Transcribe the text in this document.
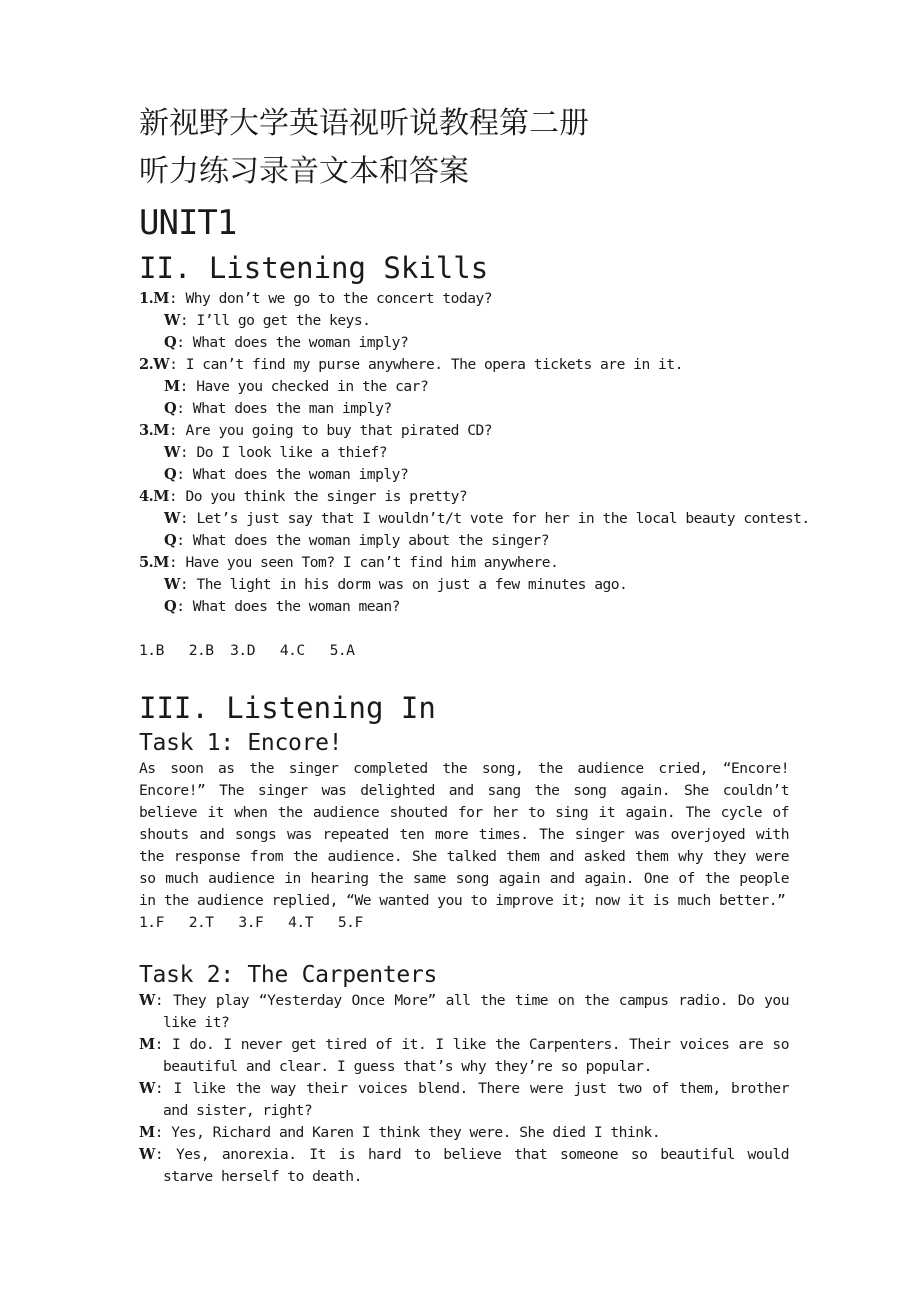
新视野大学英语视听说教程第二册
听力练习录音文本和答案
UNIT1
II. Listening Skills
1.M: Why don’t we go to the concert today?
W: I’ll go get the keys.
Q: What does the woman imply?
2.W: I can’t find my purse anywhere. The opera tickets are in it.
M: Have you checked in the car?
Q: What does the man imply?
3.M: Are you going to buy that pirated CD?
W: Do I look like a thief?
Q: What does the woman imply?
4.M: Do you think the singer is pretty?
W: Let’s just say that I wouldn’t/t vote for her in the local beauty contest.
Q: What does the woman imply about the singer?
5.M: Have you seen Tom? I can’t find him anywhere.
W: The light in his dorm was on just a few minutes ago.
Q: What does the woman mean?
1.B   2.B  3.D   4.C   5.A
III. Listening In
Task 1: Encore!

As soon as the singer completed the song, the audience cried, “Encore! Encore!” The singer was delighted and sang the song again. She couldn’t believe it when the audience shouted for her to sing it again. The cycle of shouts and songs was repeated ten more times. The singer was overjoyed with the response from the audience. She talked them and asked them why they were so much audience in hearing the same song again and again. One of the people in the audience replied, “We wanted you to improve it; now it is much better.”

1.F   2.T   3.F   4.T   5.F
Task 2: The Carpenters

W: They play “Yesterday Once More” all the time on the campus radio. Do you like it?

M: I do. I never get tired of it. I like the Carpenters. Their voices are so beautiful and clear. I guess that’s why they’re so popular.

W: I like the way their voices blend. There were just two of them, brother and sister, right?

M: Yes, Richard and Karen I think they were. She died I think.

W: Yes, anorexia. It is hard to believe that someone so beautiful would starve herself to death.
